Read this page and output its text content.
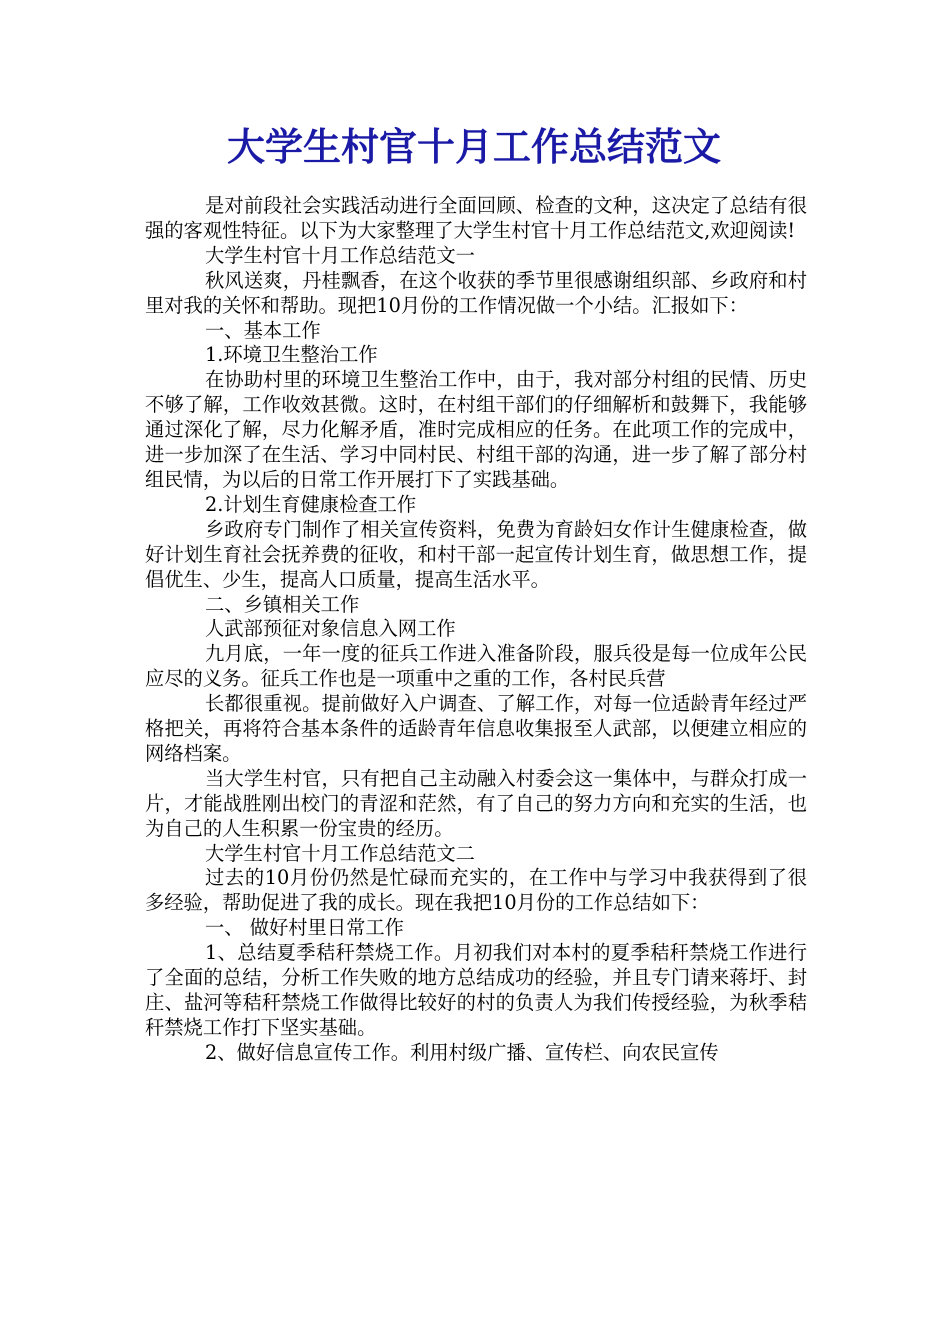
大学生村官十月工作总结范文

是对前段社会实践活动进行全面回顾、检查的文种，这决定了总结有很强的客观性特征。以下为大家整理了大学生村官十月工作总结范文,欢迎阅读!

大学生村官十月工作总结范文一

秋风送爽，丹桂飘香，在这个收获的季节里很感谢组织部、乡政府和村里对我的关怀和帮助。现把10月份的工作情况做一个小结。汇报如下：

一、基本工作

1.环境卫生整治工作

在协助村里的环境卫生整治工作中，由于，我对部分村组的民情、历史不够了解，工作收效甚微。这时，在村组干部们的仔细解析和鼓舞下，我能够通过深化了解，尽力化解矛盾，准时完成相应的任务。在此项工作的完成中，进一步加深了在生活、学习中同村民、村组干部的沟通，进一步了解了部分村组民情，为以后的日常工作开展打下了实践基础。

2.计划生育健康检查工作

乡政府专门制作了相关宣传资料，免费为育龄妇女作计生健康检查，做好计划生育社会抚养费的征收，和村干部一起宣传计划生育，做思想工作，提倡优生、少生，提高人口质量，提高生活水平。

二、乡镇相关工作

人武部预征对象信息入网工作

九月底，一年一度的征兵工作进入准备阶段，服兵役是每一位成年公民应尽的义务。征兵工作也是一项重中之重的工作，各村民兵营

长都很重视。提前做好入户调查、了解工作，对每一位适龄青年经过严格把关，再将符合基本条件的适龄青年信息收集报至人武部，以便建立相应的网络档案。

当大学生村官，只有把自己主动融入村委会这一集体中，与群众打成一片，才能战胜刚出校门的青涩和茫然，有了自己的努力方向和充实的生活，也为自己的人生积累一份宝贵的经历。

大学生村官十月工作总结范文二

过去的10月份仍然是忙碌而充实的，在工作中与学习中我获得到了很多经验，帮助促进了我的成长。现在我把10月份的工作总结如下：

一、 做好村里日常工作

1、总结夏季秸秆禁烧工作。月初我们对本村的夏季秸秆禁烧工作进行了全面的总结，分析工作失败的地方总结成功的经验，并且专门请来蒋圩、封庄、盐河等秸秆禁烧工作做得比较好的村的负责人为我们传授经验，为秋季秸秆禁烧工作打下坚实基础。

2、做好信息宣传工作。利用村级广播、宣传栏、向农民宣传
